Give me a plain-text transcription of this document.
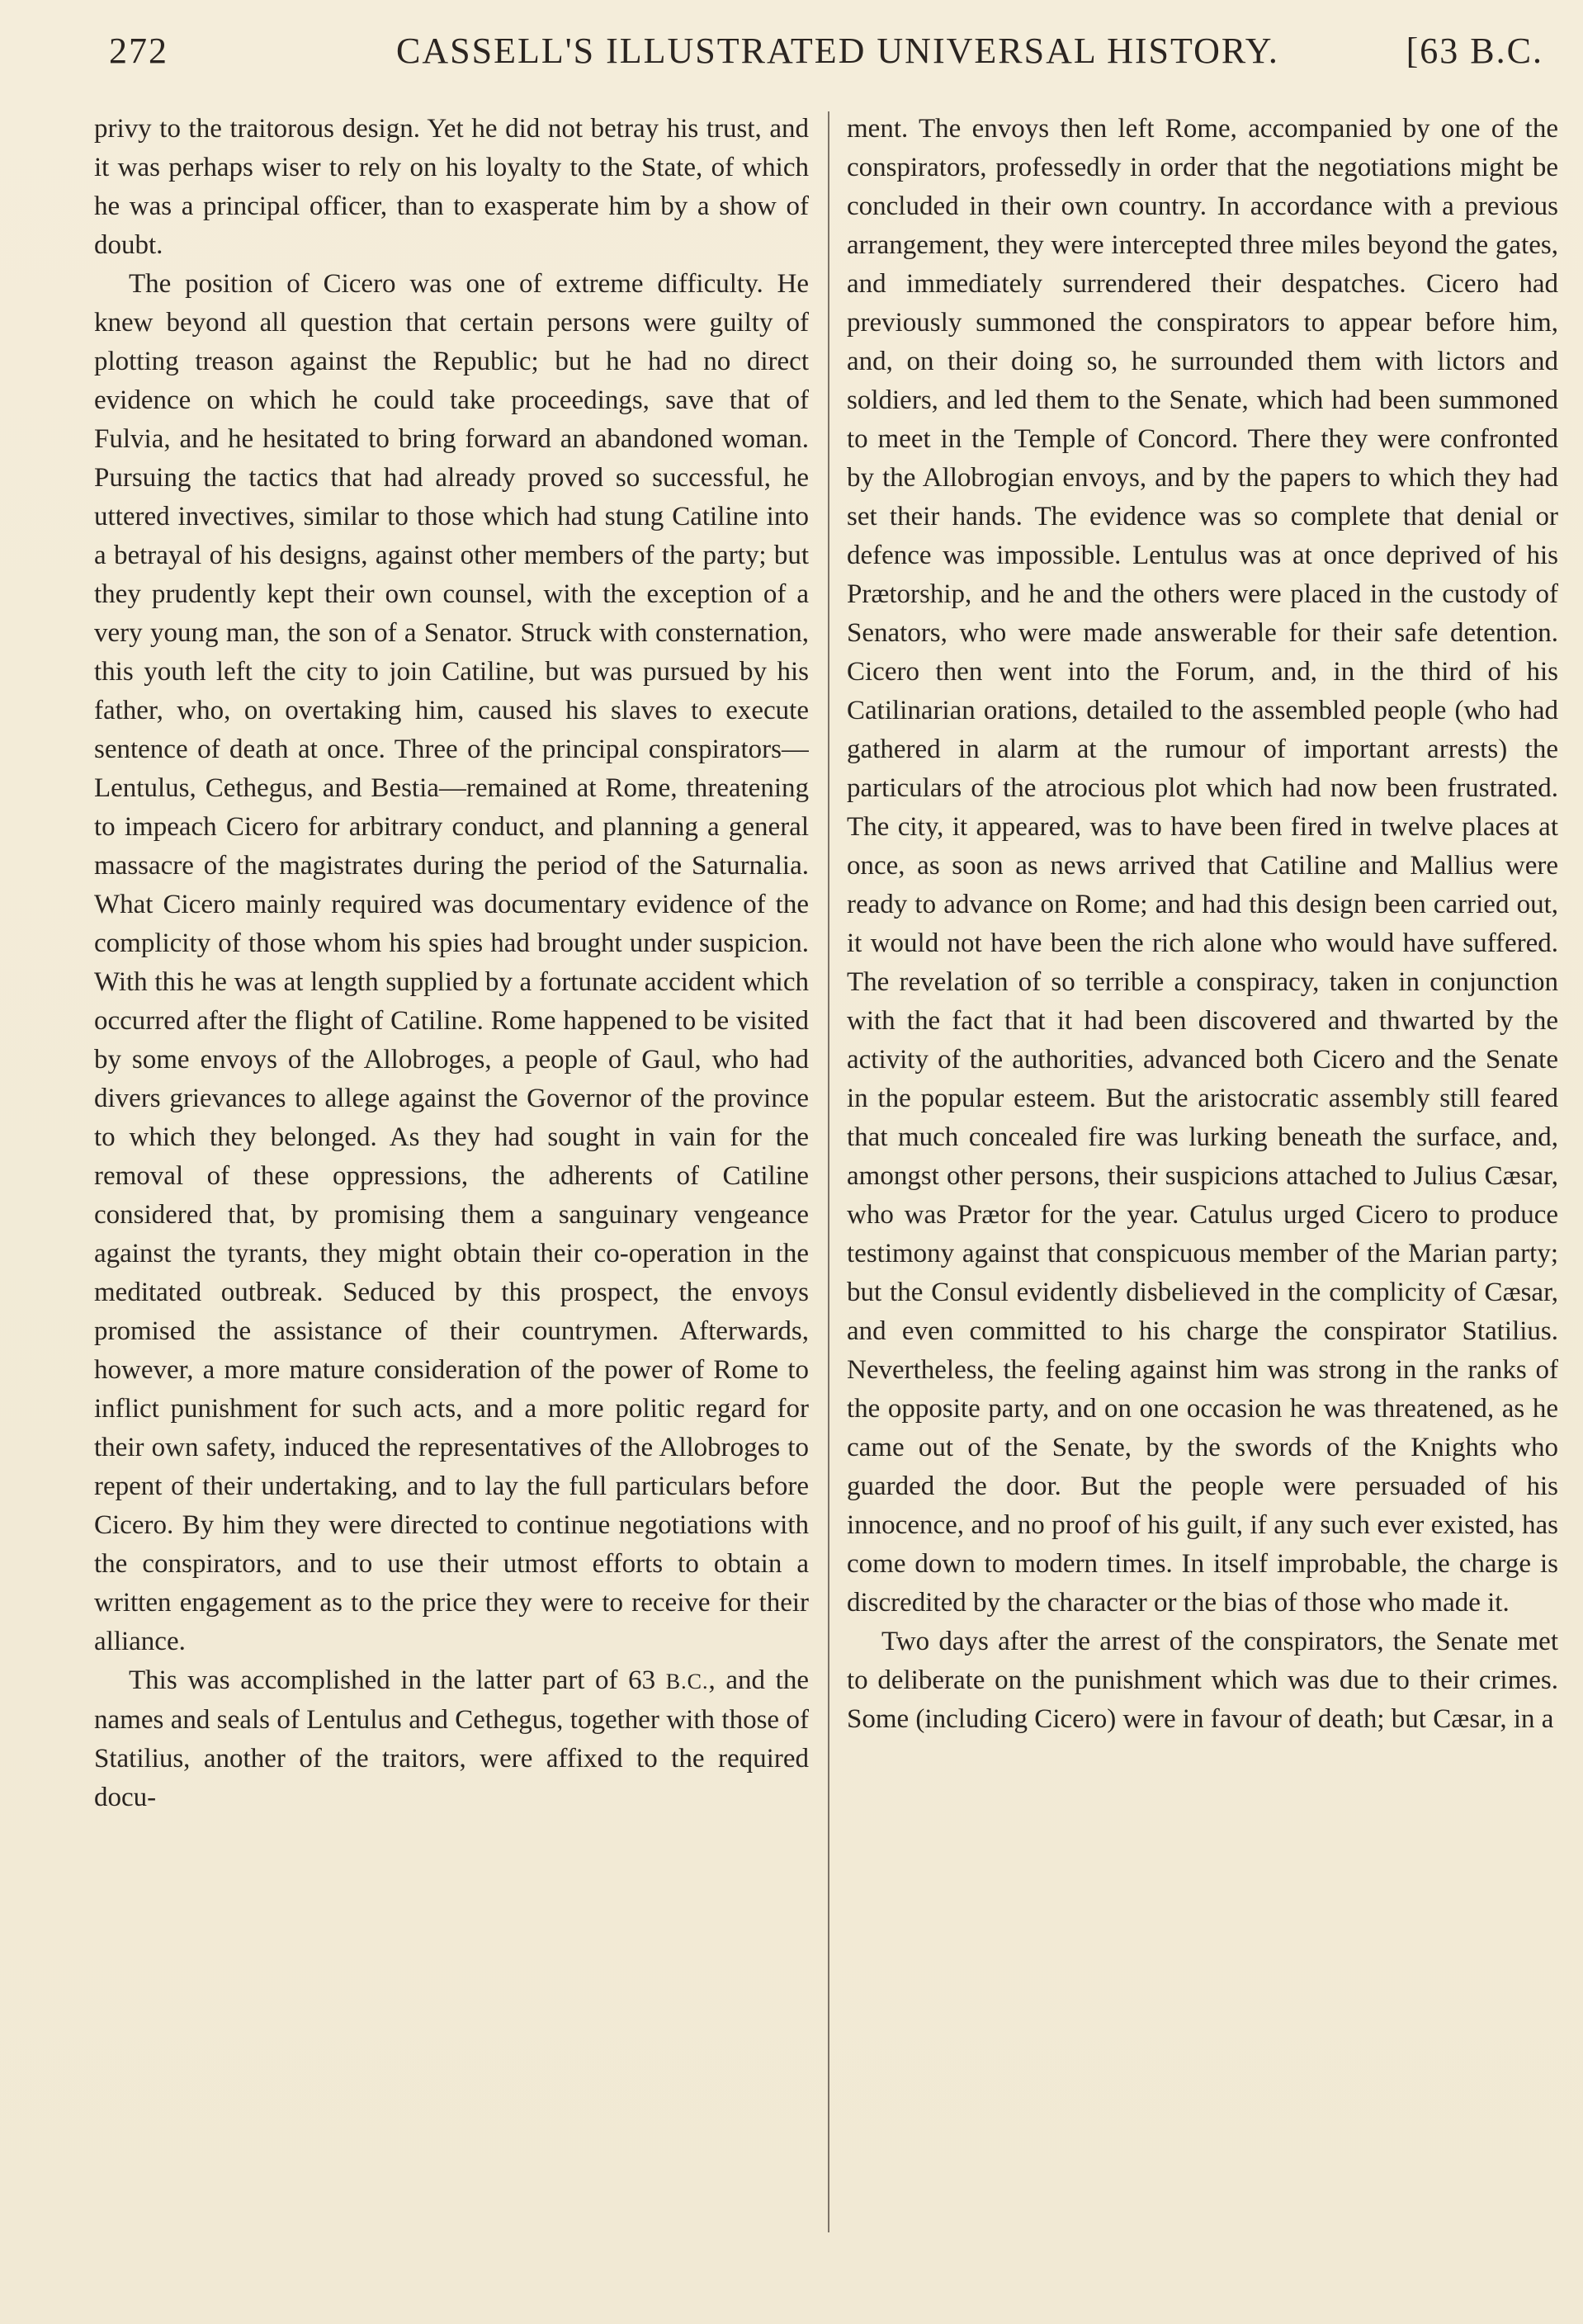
272	CASSELL'S ILLUSTRATED UNIVERSAL HISTORY.	[63 B.C.

privy to the traitorous design. Yet he did not betray his trust, and it was perhaps wiser to rely on his loyalty to the State, of which he was a principal officer, than to exasperate him by a show of doubt.

The position of Cicero was one of extreme difficulty. He knew beyond all question that certain persons were guilty of plotting treason against the Republic; but he had no direct evidence on which he could take proceedings, save that of Fulvia, and he hesitated to bring forward an abandoned woman. Pursuing the tactics that had already proved so successful, he uttered invectives, similar to those which had stung Catiline into a betrayal of his designs, against other members of the party; but they prudently kept their own counsel, with the exception of a very young man, the son of a Senator. Struck with consternation, this youth left the city to join Catiline, but was pursued by his father, who, on overtaking him, caused his slaves to execute sentence of death at once. Three of the principal conspirators—Lentulus, Cethegus, and Bestia—remained at Rome, threatening to impeach Cicero for arbitrary conduct, and planning a general massacre of the magistrates during the period of the Saturnalia. What Cicero mainly required was documentary evidence of the complicity of those whom his spies had brought under suspicion. With this he was at length supplied by a fortunate accident which occurred after the flight of Catiline. Rome happened to be visited by some envoys of the Allobroges, a people of Gaul, who had divers grievances to allege against the Governor of the province to which they belonged. As they had sought in vain for the removal of these oppressions, the adherents of Catiline considered that, by promising them a sanguinary vengeance against the tyrants, they might obtain their co-operation in the meditated outbreak. Seduced by this prospect, the envoys promised the assistance of their countrymen. Afterwards, however, a more mature consideration of the power of Rome to inflict punishment for such acts, and a more politic regard for their own safety, induced the representatives of the Allobroges to repent of their undertaking, and to lay the full particulars before Cicero. By him they were directed to continue negotiations with the conspirators, and to use their utmost efforts to obtain a written engagement as to the price they were to receive for their alliance.

This was accomplished in the latter part of 63 B.C., and the names and seals of Lentulus and Cethegus, together with those of Statilius, another of the traitors, were affixed to the required docu-

ment. The envoys then left Rome, accompanied by one of the conspirators, professedly in order that the negotiations might be concluded in their own country. In accordance with a previous arrangement, they were intercepted three miles beyond the gates, and immediately surrendered their despatches. Cicero had previously summoned the conspirators to appear before him, and, on their doing so, he surrounded them with lictors and soldiers, and led them to the Senate, which had been summoned to meet in the Temple of Concord. There they were confronted by the Allobrogian envoys, and by the papers to which they had set their hands. The evidence was so complete that denial or defence was impossible. Lentulus was at once deprived of his Prætorship, and he and the others were placed in the custody of Senators, who were made answerable for their safe detention. Cicero then went into the Forum, and, in the third of his Catilinarian orations, detailed to the assembled people (who had gathered in alarm at the rumour of important arrests) the particulars of the atrocious plot which had now been frustrated. The city, it appeared, was to have been fired in twelve places at once, as soon as news arrived that Catiline and Mallius were ready to advance on Rome; and had this design been carried out, it would not have been the rich alone who would have suffered. The revelation of so terrible a conspiracy, taken in conjunction with the fact that it had been discovered and thwarted by the activity of the authorities, advanced both Cicero and the Senate in the popular esteem. But the aristocratic assembly still feared that much concealed fire was lurking beneath the surface, and, amongst other persons, their suspicions attached to Julius Cæsar, who was Prætor for the year. Catulus urged Cicero to produce testimony against that conspicuous member of the Marian party; but the Consul evidently disbelieved in the complicity of Cæsar, and even committed to his charge the conspirator Statilius. Nevertheless, the feeling against him was strong in the ranks of the opposite party, and on one occasion he was threatened, as he came out of the Senate, by the swords of the Knights who guarded the door. But the people were persuaded of his innocence, and no proof of his guilt, if any such ever existed, has come down to modern times. In itself improbable, the charge is discredited by the character or the bias of those who made it.

Two days after the arrest of the conspirators, the Senate met to deliberate on the punishment which was due to their crimes. Some (including Cicero) were in favour of death; but Cæsar, in a
